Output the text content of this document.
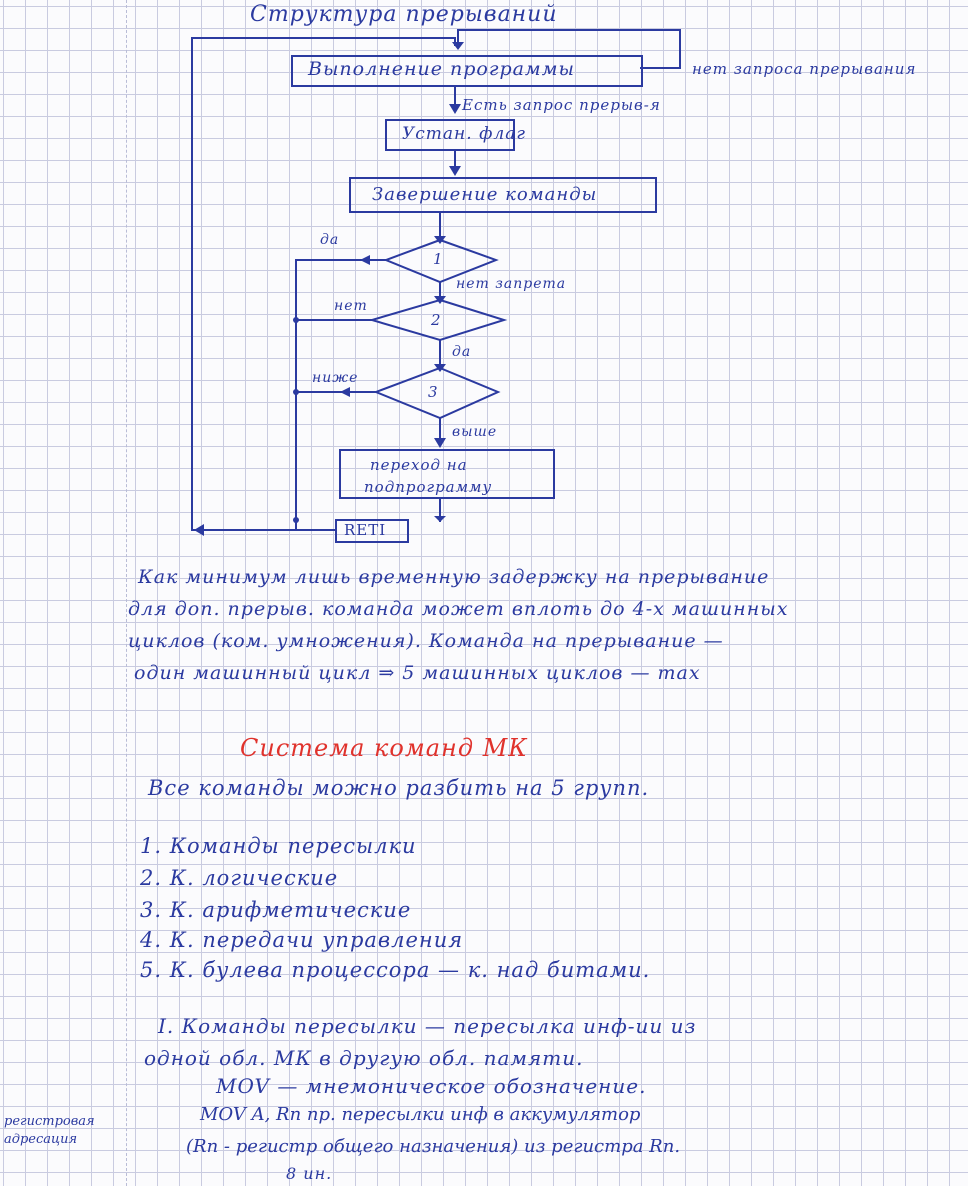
Структура прерываний
Выполнение программы	нет запроса прерывания
Есть запрос прерыв-я
Устан. флаг
Завершение команды
1
2
3
да
нет запрета
нет
да
ниже
выше
переход на
подпрограмму
RETI
Как минимум лишь временную задержку на прерывание
для доп. прерыв. команда может вплоть до 4-х машинных
циклов (ком. умножения). Команда на прерывание —
один машинный цикл ⇒ 5 машинных циклов — max
Система команд МК
Все команды можно разбить на 5 групп.
1. Команды пересылки
2. К. логические
3. К. арифметические
4. К. передачи управления
5. К. булева процессора — к. над битами.
I. Команды пересылки — пересылка инф-ии из
одной обл. МК в другую обл. памяти.
MOV — мнемоническое обозначение.
MOV A, Rn пр. пересылки инф в аккумулятор
(Rn - регистр общего назначения) из регистра Rn.
8 ин.
регистровая
адресация
